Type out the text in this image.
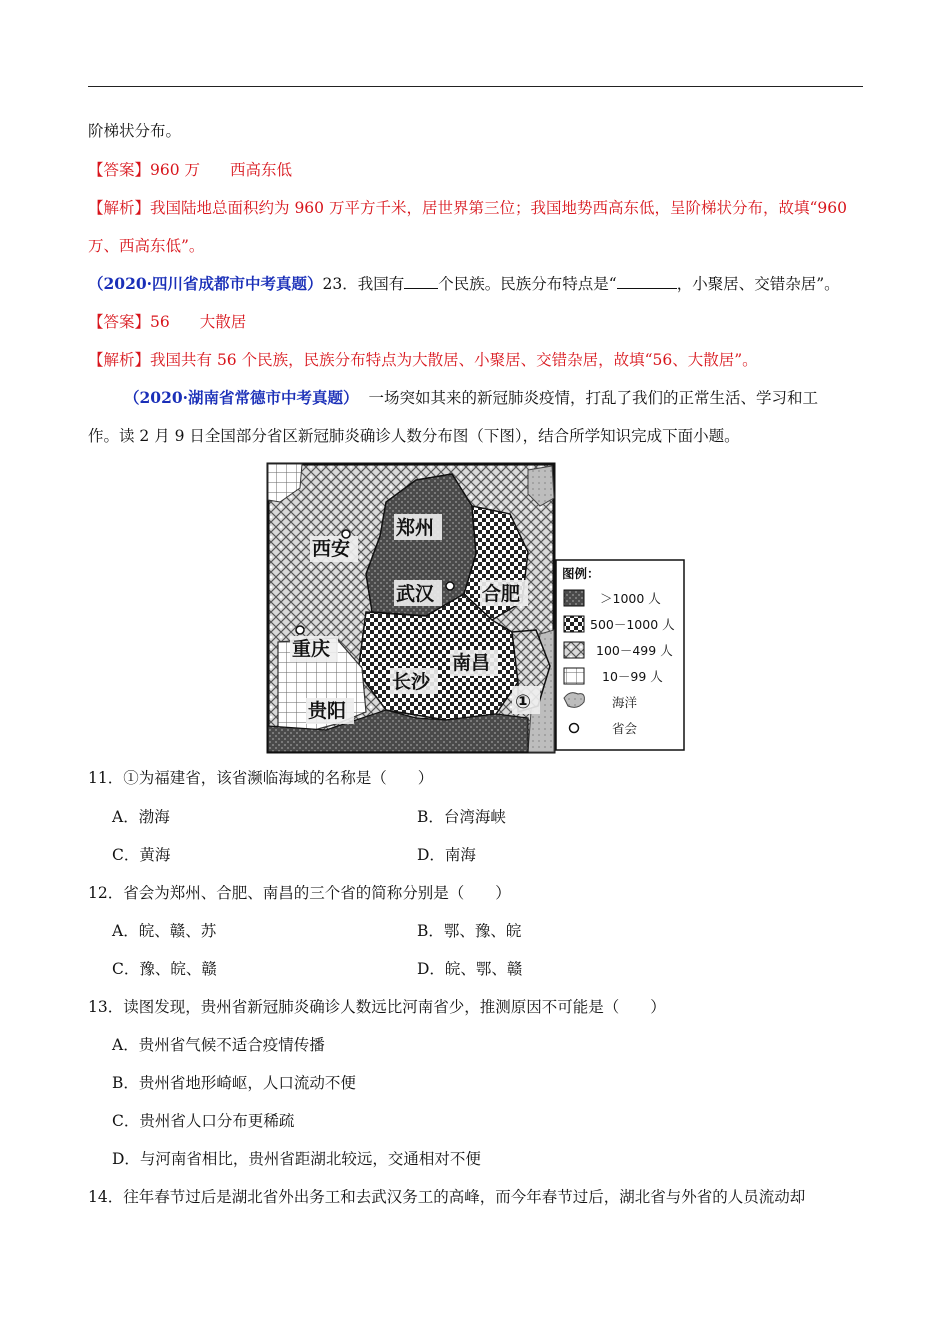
阶梯状分布。
【答案】960 万 西高东低
【解析】我国陆地总面积约为 960 万平方千米，居世界第三位；我国地势西高东低，呈阶梯状分布，故填“960
万、西高东低”。
（2020·四川省成都市中考真题）23．我国有 个民族。民族分布特点是“	，小聚居、交错杂居”。
【答案】56 大散居
【解析】我国共有 56 个民族，民族分布特点为大散居、小聚居、交错杂居，故填“56、大散居”。
（2020·湖南省常德市中考真题） 一场突如其来的新冠肺炎疫情，打乱了我们的正常生活、学习和工
作。读 2 月 9 日全国部分省区新冠肺炎确诊人数分布图（下图），结合所学知识完成下面小题。
郑州
西安
武汉	合肥
重庆
南昌
长沙
贵阳	①
图例：
＞1000 人
500－1000 人
100－499 人
10－99 人
海洋
省会
11．①为福建省，该省濒临海域的名称是（　　）
A．渤海	B．台湾海峡
C．黄海	D．南海
12．省会为郑州、合肥、南昌的三个省的简称分别是（　　）
A．皖、赣、苏	B．鄂、豫、皖
C．豫、皖、赣	D．皖、鄂、赣
13．读图发现，贵州省新冠肺炎确诊人数远比河南省少，推测原因不可能是（　　）
A．贵州省气候不适合疫情传播
B．贵州省地形崎岖，人口流动不便
C．贵州省人口分布更稀疏
D．与河南省相比，贵州省距湖北较远，交通相对不便
14．往年春节过后是湖北省外出务工和去武汉务工的高峰，而今年春节过后，湖北省与外省的人员流动却
